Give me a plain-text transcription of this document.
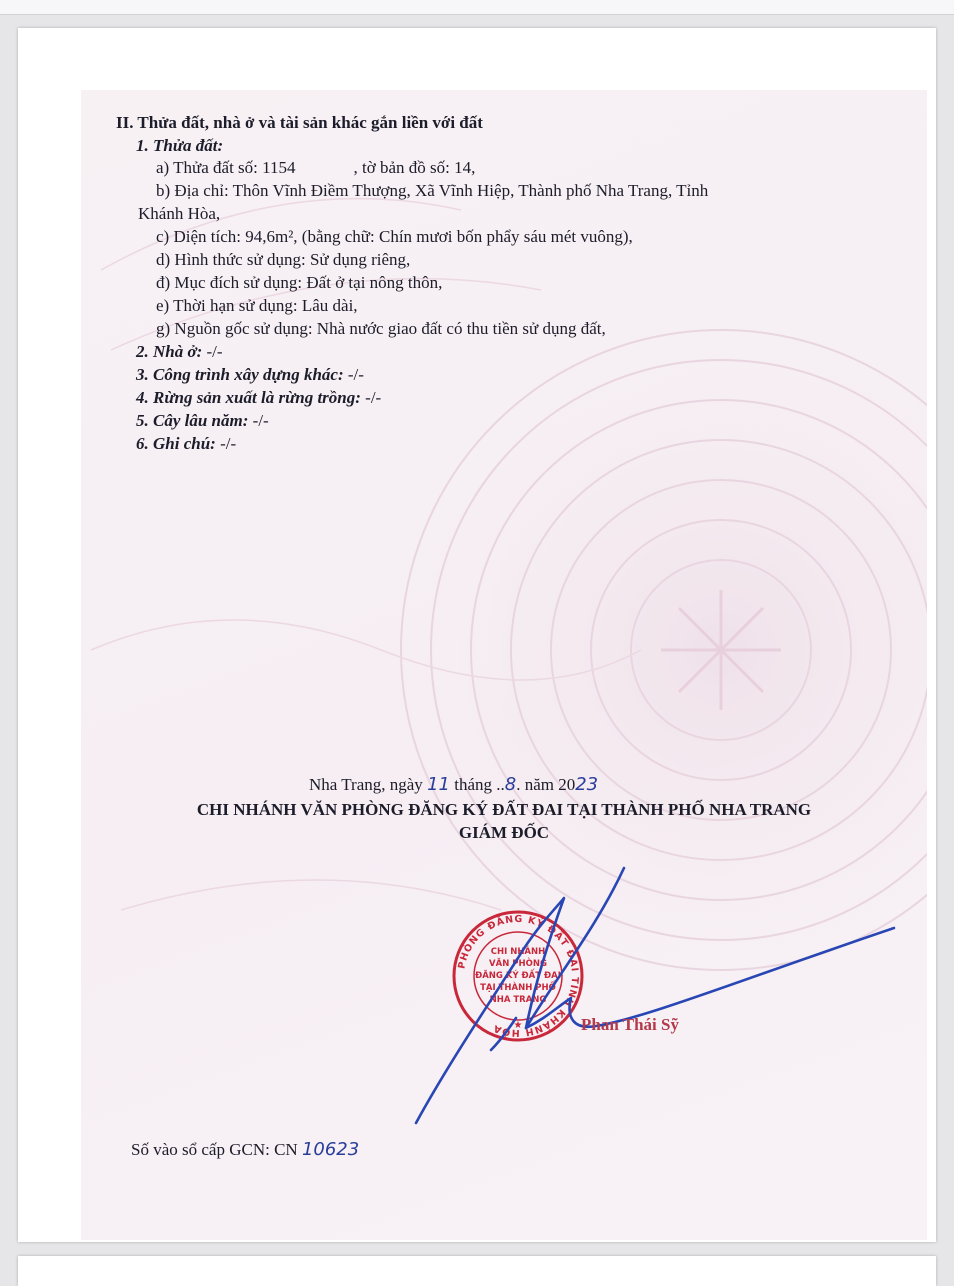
II. Thửa đất, nhà ở và tài sản khác gắn liền với đất
1. Thửa đất:
a) Thửa đất số: 1154	, tờ bản đồ số: 14,
b) Địa chỉ: Thôn Vĩnh Điềm Thượng, Xã Vĩnh Hiệp, Thành phố Nha Trang, Tỉnh
Khánh Hòa,
c) Diện tích: 94,6m², (bằng chữ: Chín mươi bốn phẩy sáu mét vuông),
d) Hình thức sử dụng: Sử dụng riêng,
đ) Mục đích sử dụng: Đất ở tại nông thôn,
e) Thời hạn sử dụng: Lâu dài,
g) Nguồn gốc sử dụng: Nhà nước giao đất có thu tiền sử dụng đất,
2. Nhà ở: -/-
3. Công trình xây dựng khác: -/-
4. Rừng sản xuất là rừng trồng: -/-
5. Cây lâu năm: -/-
6. Ghi chú: -/-
Nha Trang, ngày 11 tháng ..8. năm 2023
CHI NHÁNH VĂN PHÒNG ĐĂNG KÝ ĐẤT ĐAI TẠI THÀNH PHỐ NHA TRANG
GIÁM ĐỐC
PHÒNG ĐĂNG KÝ ĐẤT ĐAI TỈNH KHÁNH HÒA
CHI NHÁNH
VĂN PHÒNG
ĐĂNG KÝ ĐẤT ĐAI
TẠI THÀNH PHỐ
NHA TRANG
★	Phan Thái Sỹ
Số vào sổ cấp GCN: CN 10623
